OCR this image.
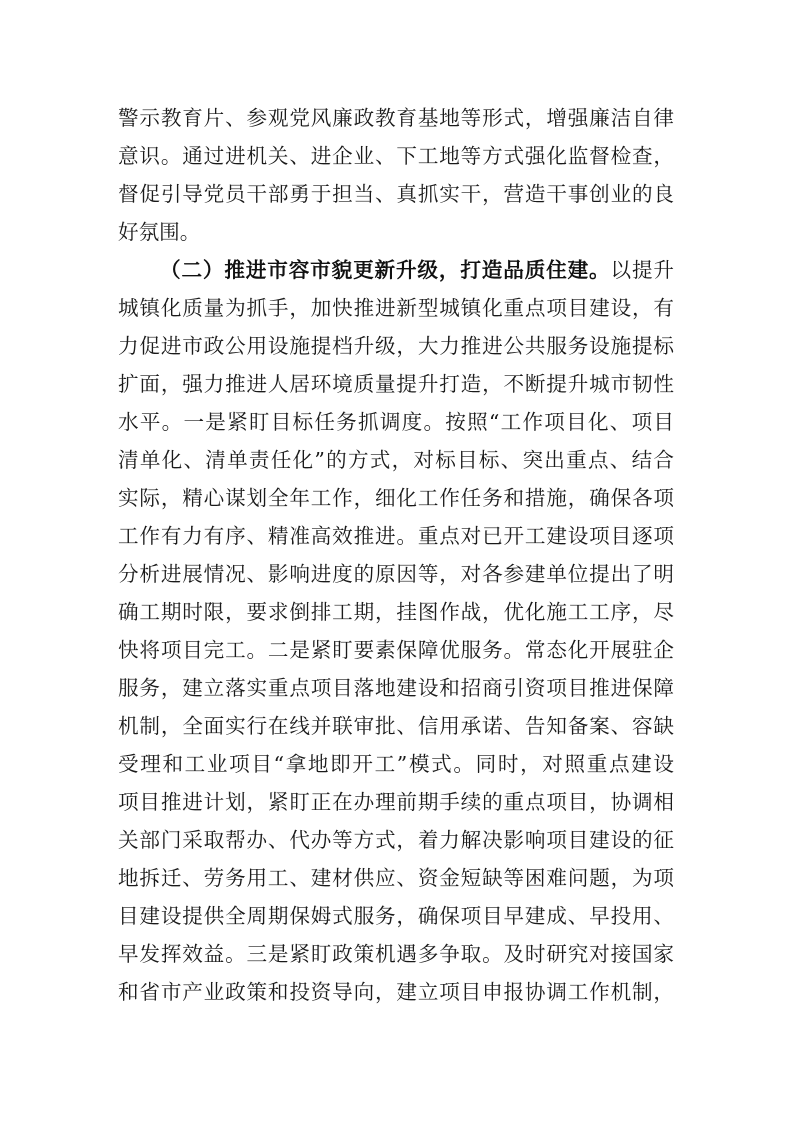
警示教育片、参观党风廉政教育基地等形式，增强廉洁自律
意识。通过进机关、进企业、下工地等方式强化监督检查，
督促引导党员干部勇于担当、真抓实干，营造干事创业的良
好氛围。
（二）推进市容市貌更新升级，打造品质住建。以提升
城镇化质量为抓手，加快推进新型城镇化重点项目建设，有
力促进市政公用设施提档升级，大力推进公共服务设施提标
扩面，强力推进人居环境质量提升打造，不断提升城市韧性
水平。一是紧盯目标任务抓调度。按照“工作项目化、项目
清单化、清单责任化”的方式，对标目标、突出重点、结合
实际，精心谋划全年工作，细化工作任务和措施，确保各项
工作有力有序、精准高效推进。重点对已开工建设项目逐项
分析进展情况、影响进度的原因等，对各参建单位提出了明
确工期时限，要求倒排工期，挂图作战，优化施工工序，尽
快将项目完工。二是紧盯要素保障优服务。常态化开展驻企
服务，建立落实重点项目落地建设和招商引资项目推进保障
机制，全面实行在线并联审批、信用承诺、告知备案、容缺
受理和工业项目“拿地即开工”模式。同时，对照重点建设
项目推进计划，紧盯正在办理前期手续的重点项目，协调相
关部门采取帮办、代办等方式，着力解决影响项目建设的征
地拆迁、劳务用工、建材供应、资金短缺等困难问题，为项
目建设提供全周期保姆式服务，确保项目早建成、早投用、
早发挥效益。三是紧盯政策机遇多争取。及时研究对接国家
和省市产业政策和投资导向，建立项目申报协调工作机制，
